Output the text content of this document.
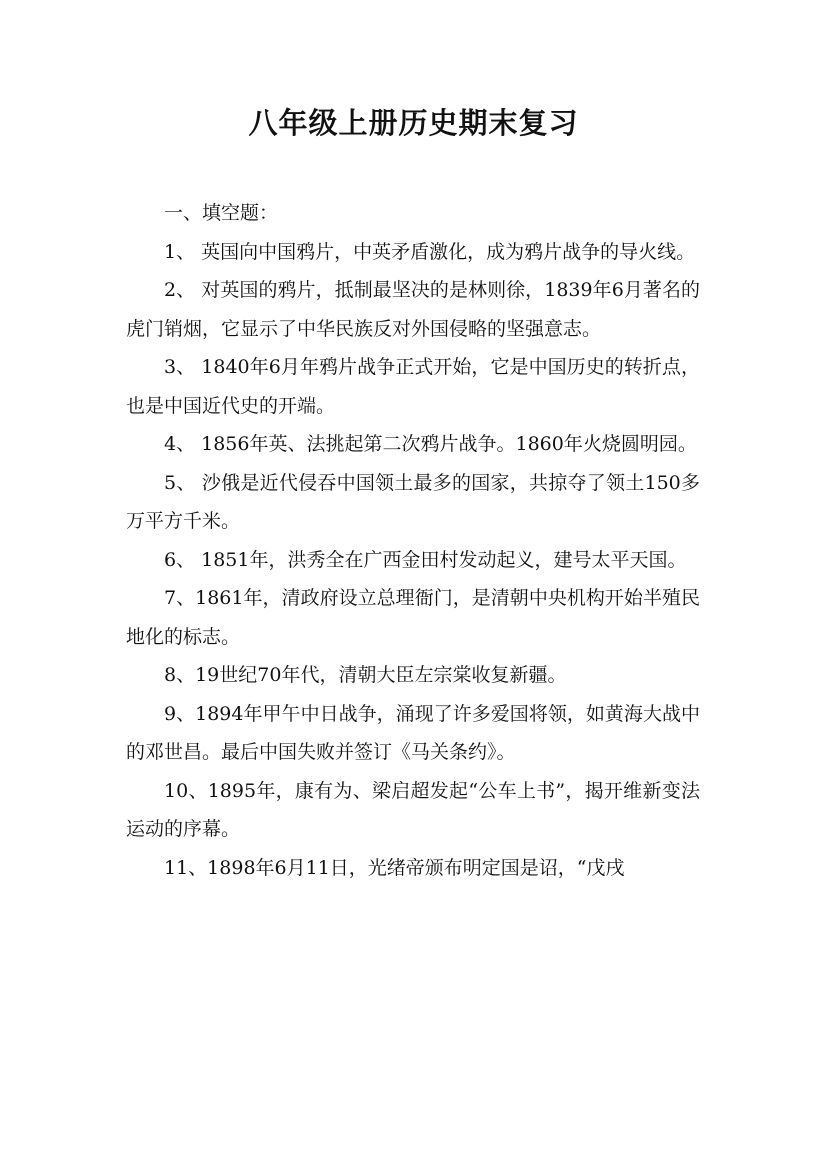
八年级上册历史期末复习

一、填空题：

1、 英国向中国鸦片，中英矛盾激化，成为鸦片战争的导火线。

2、 对英国的鸦片，抵制最坚决的是林则徐，1839年6月著名的虎门销烟，它显示了中华民族反对外国侵略的坚强意志。

3、 1840年6月年鸦片战争正式开始，它是中国历史的转折点，也是中国近代史的开端。

4、 1856年英、法挑起第二次鸦片战争。1860年火烧圆明园。

5、 沙俄是近代侵吞中国领土最多的国家，共掠夺了领土150多万平方千米。

6、 1851年，洪秀全在广西金田村发动起义，建号太平天国。

7、1861年，清政府设立总理衙门，是清朝中央机构开始半殖民地化的标志。

8、19世纪70年代，清朝大臣左宗棠收复新疆。

9、1894年甲午中日战争，涌现了许多爱国将领，如黄海大战中的邓世昌。最后中国失败并签订《马关条约》。

10、1895年，康有为、梁启超发起“公车上书”，揭开维新变法运动的序幕。

11、1898年6月11日，光绪帝颁布明定国是诏，“戊戌
